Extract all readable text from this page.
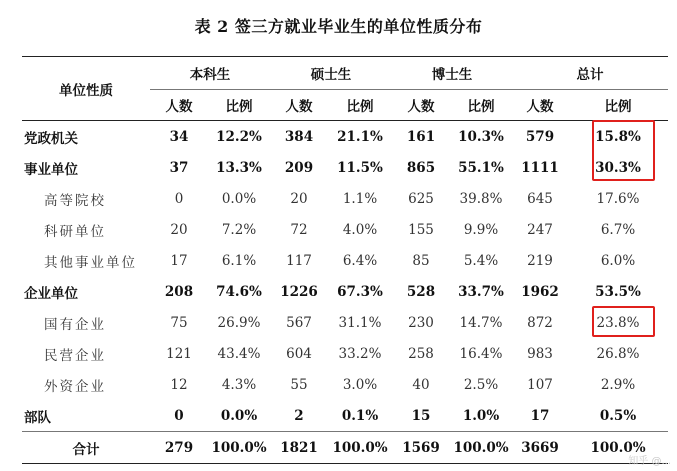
表 2 签三方就业毕业生的单位性质分布
单位性质	本科生		硕士生		博士生		总计	
	人数	比例	人数	比例	人数	比例	人数	比例
党政机关	34	12.2%	384	21.1%	161	10.3%	579	15.8%
事业单位	37	13.3%	209	11.5%	865	55.1%	1111	30.3%
高等院校	0	0.0%	20	1.1%	625	39.8%	645	17.6%
科研单位	20	7.2%	72	4.0%	155	9.9%	247	6.7%
其他事业单位	17	6.1%	117	6.4%	85	5.4%	219	6.0%
企业单位	208	74.6%	1226	67.3%	528	33.7%	1962	53.5%
国有企业	75	26.9%	567	31.1%	230	14.7%	872	23.8%
民营企业	121	43.4%	604	33.2%	258	16.4%	983	26.8%
外资企业	12	4.3%	55	3.0%	40	2.5%	107	2.9%
部队	0	0.0%	2	0.1%	15	1.0%	17	0.5%
合计	279	100.0%	1821	100.0%	1569	100.0%	3669	100.0%
知乎 @...
